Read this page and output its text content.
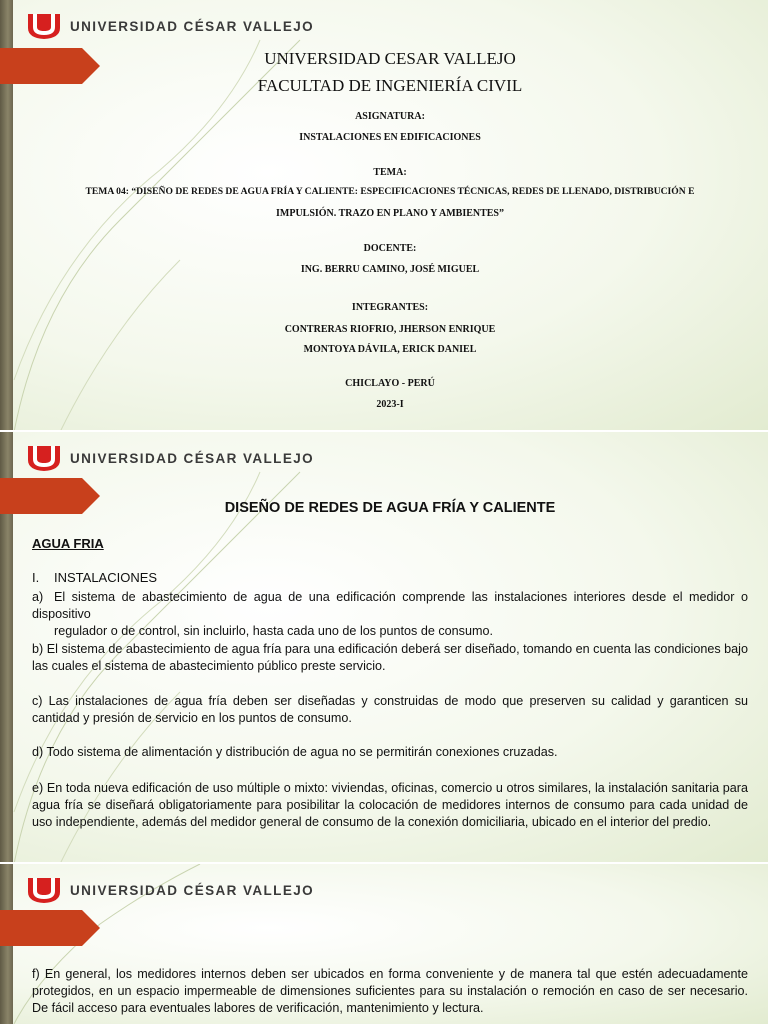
UNIVERSIDAD CÉSAR VALLEJO
UNIVERSIDAD CESAR VALLEJO
FACULTAD DE INGENIERÍA CIVIL
ASIGNATURA:
INSTALACIONES EN EDIFICACIONES
TEMA:
TEMA 04: “DISEÑO DE REDES DE AGUA FRÍA Y CALIENTE: ESPECIFICACIONES TÉCNICAS, REDES DE LLENADO, DISTRIBUCIÓN E
IMPULSIÓN. TRAZO EN PLANO Y AMBIENTES”
DOCENTE:
ING. BERRU CAMINO, JOSÉ MIGUEL
INTEGRANTES:
CONTRERAS RIOFRIO, JHERSON ENRIQUE
MONTOYA DÁVILA, ERICK DANIEL
CHICLAYO - PERÚ
2023-I
UNIVERSIDAD CÉSAR VALLEJO
DISEÑO DE REDES DE AGUA FRÍA Y CALIENTE
AGUA FRIA
I. INSTALACIONES
a) El sistema de abastecimiento de agua de una edificación comprende las instalaciones interiores desde el medidor o dispositivo
regulador o de control, sin incluirlo, hasta cada uno de los puntos de consumo.
b) El sistema de abastecimiento de agua fría para una edificación deberá ser diseñado, tomando en cuenta las condiciones bajo las cuales el sistema de abastecimiento público preste servicio.
c) Las instalaciones de agua fría deben ser diseñadas y construidas de modo que preserven su calidad y garanticen su cantidad y presión de servicio en los puntos de consumo.
d) Todo sistema de alimentación y distribución de agua no se permitirán conexiones cruzadas.
e) En toda nueva edificación de uso múltiple o mixto: viviendas, oficinas, comercio u otros similares, la instalación sanitaria para agua fría se diseñará obligatoriamente para posibilitar la colocación de medidores internos de consumo para cada unidad de uso independiente, además del medidor general de consumo de la conexión domiciliaria, ubicado en el interior del predio.
UNIVERSIDAD CÉSAR VALLEJO
f) En general, los medidores internos deben ser ubicados en forma conveniente y de manera tal que estén adecuadamente protegidos, en un espacio impermeable de dimensiones suficientes para su instalación o remoción en caso de ser necesario. De fácil acceso para eventuales labores de verificación, mantenimiento y lectura.
